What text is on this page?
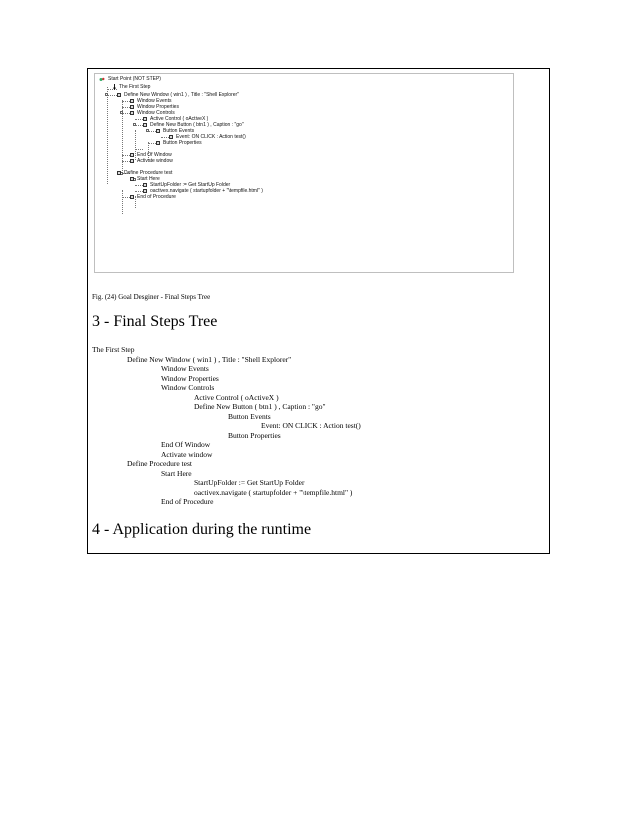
Start Point (NOT STEP)
The First Step
Define New Window ( win1 ) , Title : "Shell Explorer"
Window Events
Window Properties
Window Controls
Active Control ( oActiveX )
Define New Button ( btn1 ) , Caption : "go"
Button Events
Event: ON CLICK : Action test()
Button Properties
End Of Window
Activate window
Define Procedure test
Start Here
StartUpFolder := Get StartUp Folder
oactivex.navigate ( startupfolder + "\tempfile.html" )
End of Procedure
Fig. (24) Goal Desginer - Final Steps Tree
3 - Final Steps Tree
The First Step
Define New Window ( win1 ) , Title : "Shell Explorer"
Window Events
Window Properties
Window Controls
Active Control ( oActiveX )
Define New Button ( btn1 ) , Caption : "go"
Button Events
Event: ON CLICK : Action test()
Button Properties
End Of Window
Activate window
Define Procedure test
Start Here
StartUpFolder := Get StartUp Folder
oactivex.navigate ( startupfolder + "\tempfile.html" )
End of Procedure
4 - Application during the runtime
